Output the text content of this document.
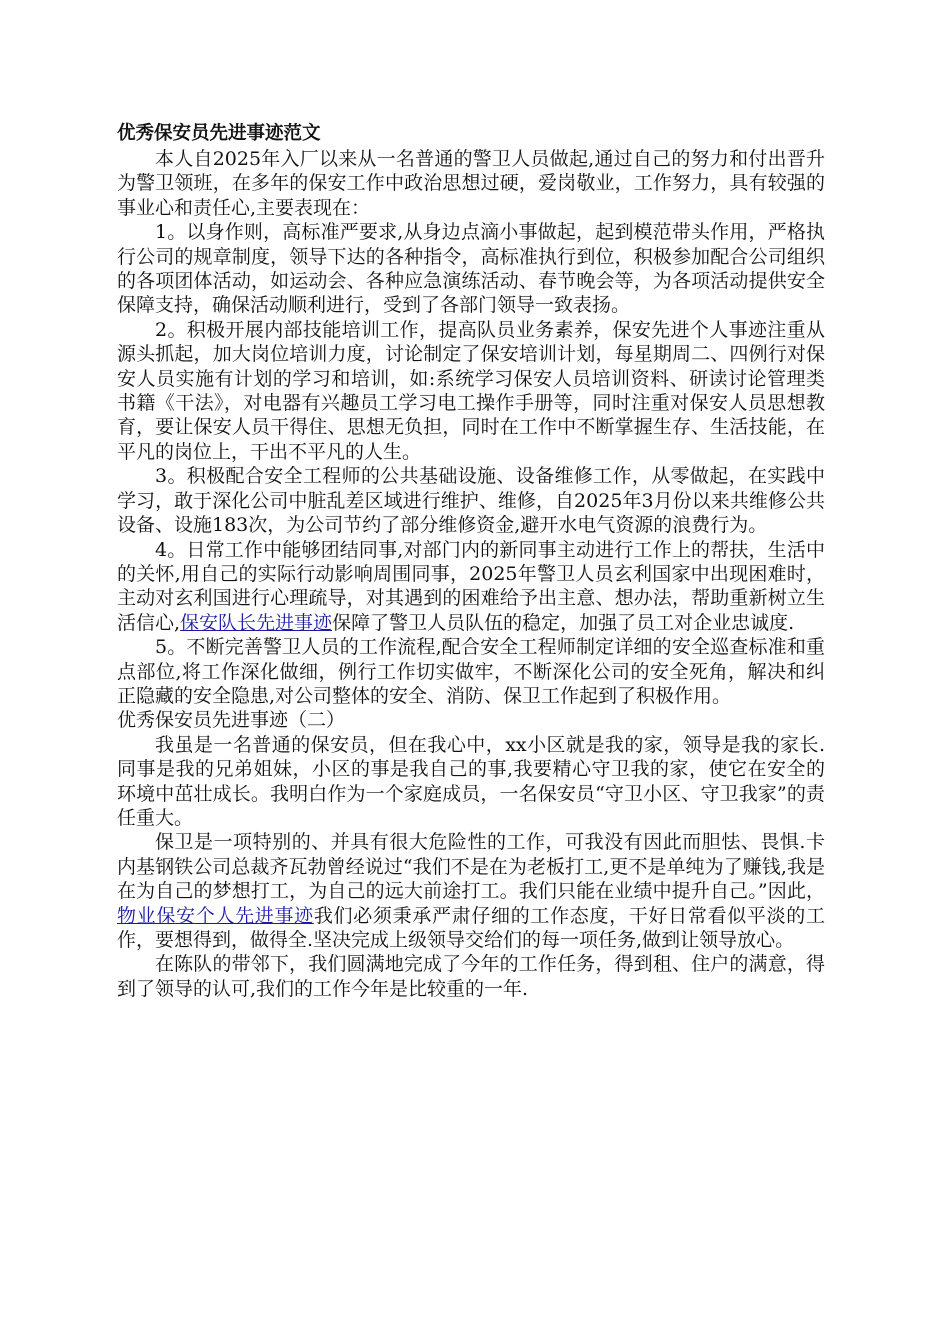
优秀保安员先进事迹范文

本人自2025年入厂以来从一名普通的警卫人员做起,通过自己的努力和付出晋升为警卫领班，在多年的保安工作中政治思想过硬，爱岗敬业，工作努力，具有较强的事业心和责任心,主要表现在：

1。以身作则，高标准严要求,从身边点滴小事做起，起到模范带头作用，严格执行公司的规章制度，领导下达的各种指令，高标准执行到位，积极参加配合公司组织的各项团体活动，如运动会、各种应急演练活动、春节晚会等，为各项活动提供安全保障支持，确保活动顺利进行，受到了各部门领导一致表扬。

2。积极开展内部技能培训工作，提高队员业务素养，保安先进个人事迹注重从源头抓起，加大岗位培训力度，讨论制定了保安培训计划，每星期周二、四例行对保安人员实施有计划的学习和培训，如:系统学习保安人员培训资料、研读讨论管理类书籍《干法》，对电器有兴趣员工学习电工操作手册等，同时注重对保安人员思想教育，要让保安人员干得住、思想无负担，同时在工作中不断掌握生存、生活技能，在平凡的岗位上，干出不平凡的人生。

3。积极配合安全工程师的公共基础设施、设备维修工作，从零做起，在实践中学习，敢于深化公司中脏乱差区域进行维护、维修，自2025年3月份以来共维修公共设备、设施183次，为公司节约了部分维修资金,避开水电气资源的浪费行为。

4。日常工作中能够团结同事,对部门内的新同事主动进行工作上的帮扶，生活中的关怀,用自己的实际行动影响周围同事，2025年警卫人员玄利国家中出现困难时，主动对玄利国进行心理疏导，对其遇到的困难给予出主意、想办法，帮助重新树立生活信心,保安队长先进事迹保障了警卫人员队伍的稳定，加强了员工对企业忠诚度.

5。不断完善警卫人员的工作流程,配合安全工程师制定详细的安全巡查标准和重点部位,将工作深化做细，例行工作切实做牢，不断深化公司的安全死角，解决和纠正隐藏的安全隐患,对公司整体的安全、消防、保卫工作起到了积极作用。

优秀保安员先进事迹（二）

我虽是一名普通的保安员，但在我心中，xx小区就是我的家，领导是我的家长.同事是我的兄弟姐妹，小区的事是我自己的事,我要精心守卫我的家，使它在安全的环境中茁壮成长。我明白作为一个家庭成员，一名保安员“守卫小区、守卫我家”的责任重大。

保卫是一项特别的、并具有很大危险性的工作，可我没有因此而胆怯、畏惧.卡内基钢铁公司总裁齐瓦勃曾经说过“我们不是在为老板打工,更不是单纯为了赚钱,我是在为自己的梦想打工，为自己的远大前途打工。我们只能在业绩中提升自己。”因此，物业保安个人先进事迹我们必须秉承严肃仔细的工作态度，干好日常看似平淡的工作，要想得到，做得全.坚决完成上级领导交给们的每一项任务,做到让领导放心。

在陈队的带邻下，我们圆满地完成了今年的工作任务，得到租、住户的满意，得到了领导的认可,我们的工作今年是比较重的一年.
